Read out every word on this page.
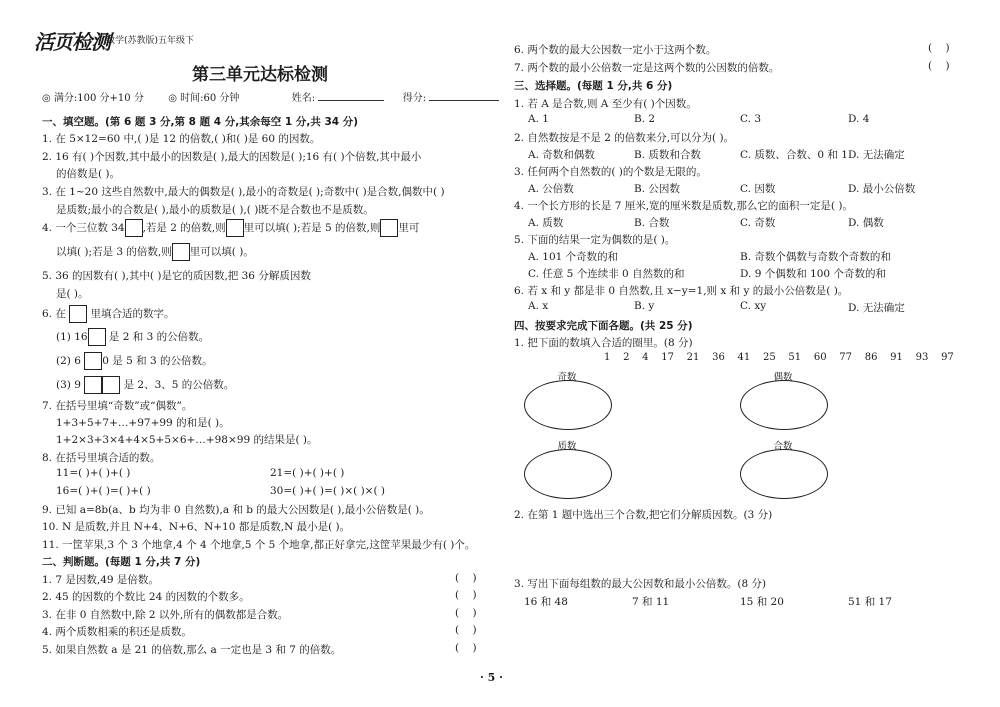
活页检测
数学(苏教版)五年级下
第三单元达标检测
◎ 满分:100 分+10 分 ◎ 时间:60 分钟	姓名:	得分:
一、填空题。(第 6 题 3 分,第 8 题 4 分,其余每空 1 分,共 34 分)
1. 在 5×12=60 中,( )是 12 的倍数,( )和( )是 60 的因数。
2. 16 有( )个因数,其中最小的因数是( ),最大的因数是( );16 有( )个倍数,其中最小
的倍数是( )。
3. 在 1~20 这些自然数中,最大的偶数是( ),最小的奇数是( );奇数中( )是合数,偶数中( )
是质数;最小的合数是( ),最小的质数是( ),( )既不是合数也不是质数。
4. 一个三位数 34 ,若是 2 的倍数,则 里可以填( );若是 5 的倍数,则 里可
以填( );若是 3 的倍数,则 里可以填( )。
5. 36 的因数有( ),其中( )是它的质因数,把 36 分解质因数
是( )。
6. 在 里填合适的数字。
(1) 16 是 2 和 3 的公倍数。
(2) 6 0 是 5 和 3 的公倍数。
(3) 9	是 2、3、5 的公倍数。
7. 在括号里填“奇数”或“偶数”。
1+3+5+7+…+97+99 的和是( )。
1+2×3+3×4+4×5+5×6+…+98×99 的结果是( )。
8. 在括号里填合适的数。
11=( )+( )+( )	21=( )+( )+( )
16=( )+( )=( )+( )	30=( )+( )=( )×( )×( )
9. 已知 a=8b(a、b 均为非 0 自然数),a 和 b 的最大公因数是( ),最小公倍数是( )。
10. N 是质数,并且 N+4、N+6、N+10 都是质数,N 最小是( )。
11. 一筐苹果,3 个 3 个地拿,4 个 4 个地拿,5 个 5 个地拿,都正好拿完,这筐苹果最少有( )个。
二、判断题。(每题 1 分,共 7 分)
1. 7 是因数,49 是倍数。	(    )
2. 45 的因数的个数比 24 的因数的个数多。	(    )
3. 在非 0 自然数中,除 2 以外,所有的偶数都是合数。	(    )
4. 两个质数相乘的积还是质数。	(    )
5. 如果自然数 a 是 21 的倍数,那么 a 一定也是 3 和 7 的倍数。	(    )
6. 两个数的最大公因数一定小于这两个数。	(    )
7. 两个数的最小公倍数一定是这两个数的公因数的倍数。	(    )
三、选择题。(每题 1 分,共 6 分)
1. 若 A 是合数,则 A 至少有( )个因数。
A. 1	B. 2	C. 3	D. 4
2. 自然数按是不是 2 的倍数来分,可以分为( )。
A. 奇数和偶数	B. 质数和合数	C. 质数、合数、0 和 1 D. 无法确定
3. 任何两个自然数的( )的个数是无限的。
A. 公倍数	B. 公因数	C. 因数	D. 最小公倍数
4. 一个长方形的长是 7 厘米,宽的厘米数是质数,那么它的面积一定是( )。
A. 质数	B. 合数	C. 奇数	D. 偶数
5. 下面的结果一定为偶数的是( )。
A. 101 个奇数的和	B. 奇数个偶数与奇数个奇数的和
C. 任意 5 个连续非 0 自然数的和	D. 9 个偶数和 100 个奇数的和
6. 若 x 和 y 都是非 0 自然数,且 x−y=1,则 x 和 y 的最小公倍数是( )。
A. x	B. y	C. xy	D. 无法确定
四、按要求完成下面各题。(共 25 分)
1. 把下面的数填入合适的圈里。(8 分)
1    2    4    17    21    36    41    25    51    60    77    86    91    93    97
奇数	偶数
质数	合数
2. 在第 1 题中选出三个合数,把它们分解质因数。(3 分)
3. 写出下面每组数的最大公因数和最小公倍数。(8 分)
16 和 48	7 和 11	15 和 20	51 和 17
· 5 ·
